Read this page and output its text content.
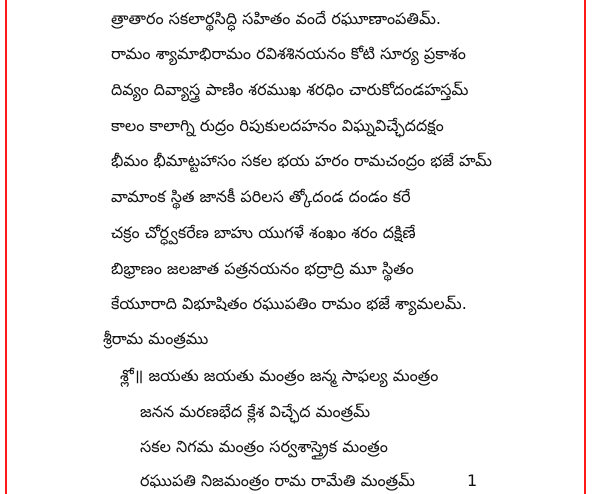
త్రాతారం సకలార్థసిద్ధి సహితం వందే రఘూణాంపతిమ్.
రామం శ్యామాభిరామం రవిశశినయనం కోటి సూర్య ప్రకాశం
దివ్యం దివ్యాస్త్ర పాణిం శరముఖ శరధిం చారుకోదండహస్తమ్
కాలం కాలాగ్ని రుద్రం రిపుకులదహనం విఘ్నవిచ్ఛేదదక్షం
భీమం భీమాట్టహాసం సకల భయ హరం రామచంద్రం భజే హమ్
వామాంక స్థిత జానకీ పరిలస త్కోదండ దండం కరే
చక్రం చోర్ధ్వకరేణ బాహు యుగళే శంఖం శరం దక్షిణే
బిభ్రాణం జలజాత పత్రనయనం భద్రాద్రి మూ స్థితం
కేయూరాది విభూషితం రఘుపతిం రామం భజే శ్యామలమ్.
శ్రీరామ మంత్రము
శ్లో॥ జయతు జయతు మంత్రం జన్మ సాఫల్య మంత్రం
జనన మరణభేద క్లేశ విచ్ఛేద మంత్రమ్
సకల నిగమ మంత్రం సర్వశాస్త్రైక మంత్రం
రఘుపతి నిజమంత్రం రామ రామేతి మంత్రమ్	1
